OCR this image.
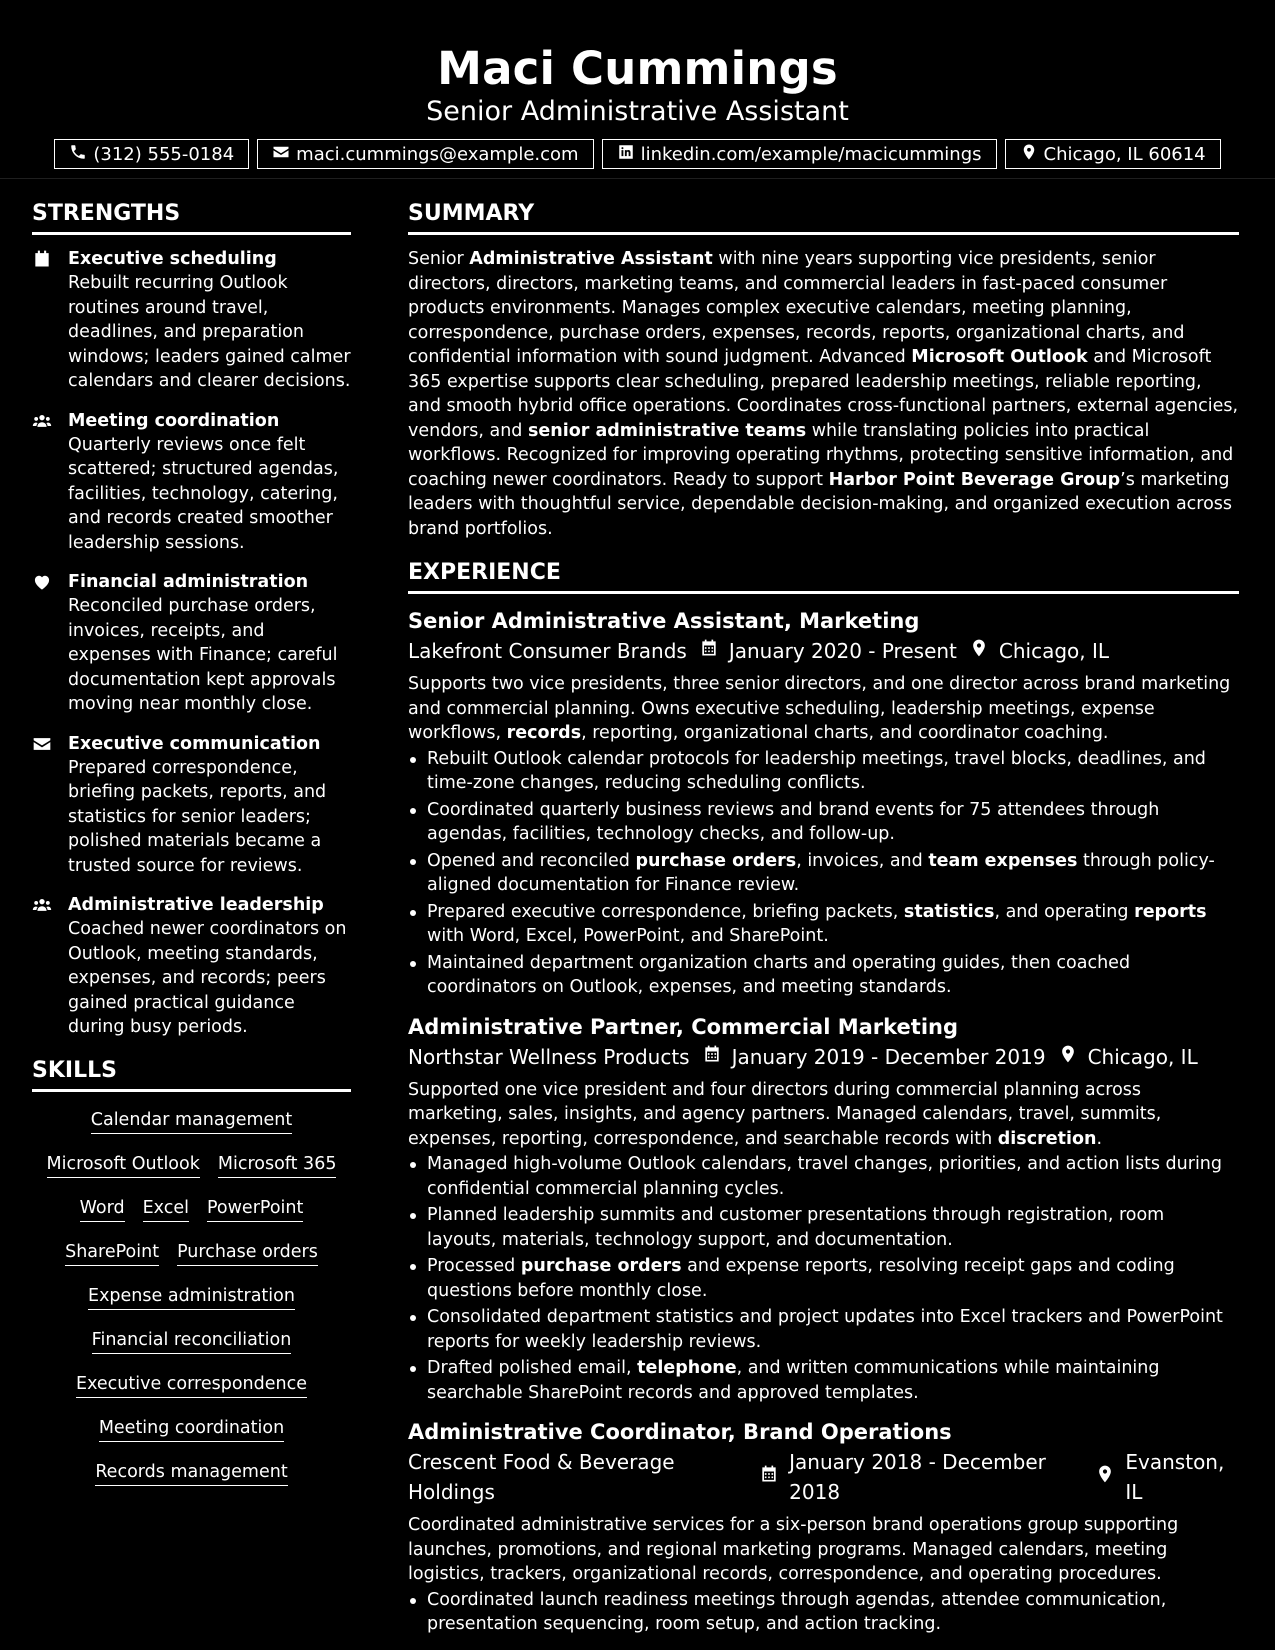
Maci Cummings
Senior Administrative Assistant
(312) 555-0184	maci.cummings@example.com	linkedin.com/example/macicummings	Chicago, IL 60614
STRENGTHS
Executive scheduling
Rebuilt recurring Outlook routines around travel, deadlines, and preparation windows; leaders gained calmer calendars and clearer decisions.
Meeting coordination
Quarterly reviews once felt scattered; structured agendas, facilities, technology, catering, and records created smoother leadership sessions.
Financial administration
Reconciled purchase orders, invoices, receipts, and expenses with Finance; careful documentation kept approvals moving near monthly close.
Executive communication
Prepared correspondence, briefing packets, reports, and statistics for senior leaders; polished materials became a trusted source for reviews.
Administrative leadership
Coached newer coordinators on Outlook, meeting standards, expenses, and records; peers gained practical guidance during busy periods.
SKILLS
Calendar management
Microsoft Outlook Microsoft 365
Word Excel PowerPoint
SharePoint Purchase orders
Expense administration
Financial reconciliation
Executive correspondence
Meeting coordination
Records management
SUMMARY
Senior Administrative Assistant with nine years supporting vice presidents, senior directors, directors, marketing teams, and commercial leaders in fast-paced consumer products environments. Manages complex executive calendars, meeting planning, correspondence, purchase orders, expenses, records, reports, organizational charts, and confidential information with sound judgment. Advanced Microsoft Outlook and Microsoft 365 expertise supports clear scheduling, prepared leadership meetings, reliable reporting, and smooth hybrid office operations. Coordinates cross-functional partners, external agencies, vendors, and senior administrative teams while translating policies into practical workflows. Recognized for improving operating rhythms, protecting sensitive information, and coaching newer coordinators. Ready to support Harbor Point Beverage Group’s marketing leaders with thoughtful service, dependable decision-making, and organized execution across brand portfolios.
EXPERIENCE
Senior Administrative Assistant, Marketing
Lakefront Consumer Brands January 2020 - Present Chicago, IL
Supports two vice presidents, three senior directors, and one director across brand marketing and commercial planning. Owns executive scheduling, leadership meetings, expense workflows, records, reporting, organizational charts, and coordinator coaching.
Rebuilt Outlook calendar protocols for leadership meetings, travel blocks, deadlines, and time-zone changes, reducing scheduling conflicts.
Coordinated quarterly business reviews and brand events for 75 attendees through agendas, facilities, technology checks, and follow-up.
Opened and reconciled purchase orders, invoices, and team expenses through policy-aligned documentation for Finance review.
Prepared executive correspondence, briefing packets, statistics, and operating reports with Word, Excel, PowerPoint, and SharePoint.
Maintained department organization charts and operating guides, then coached coordinators on Outlook, expenses, and meeting standards.
Administrative Partner, Commercial Marketing
Northstar Wellness Products January 2019 - December 2019 Chicago, IL
Supported one vice president and four directors during commercial planning across marketing, sales, insights, and agency partners. Managed calendars, travel, summits, expenses, reporting, correspondence, and searchable records with discretion.
Managed high-volume Outlook calendars, travel changes, priorities, and action lists during confidential commercial planning cycles.
Planned leadership summits and customer presentations through registration, room layouts, materials, technology support, and documentation.
Processed purchase orders and expense reports, resolving receipt gaps and coding questions before monthly close.
Consolidated department statistics and project updates into Excel trackers and PowerPoint reports for weekly leadership reviews.
Drafted polished email, telephone, and written communications while maintaining searchable SharePoint records and approved templates.
Administrative Coordinator, Brand Operations
Crescent Food & Beverage Holdings
January 2018 - December 2018
Evanston, IL
Coordinated administrative services for a six-person brand operations group supporting launches, promotions, and regional marketing programs. Managed calendars, meeting logistics, trackers, organizational records, correspondence, and operating procedures.
Coordinated launch readiness meetings through agendas, attendee communication, presentation sequencing, room setup, and action tracking.
